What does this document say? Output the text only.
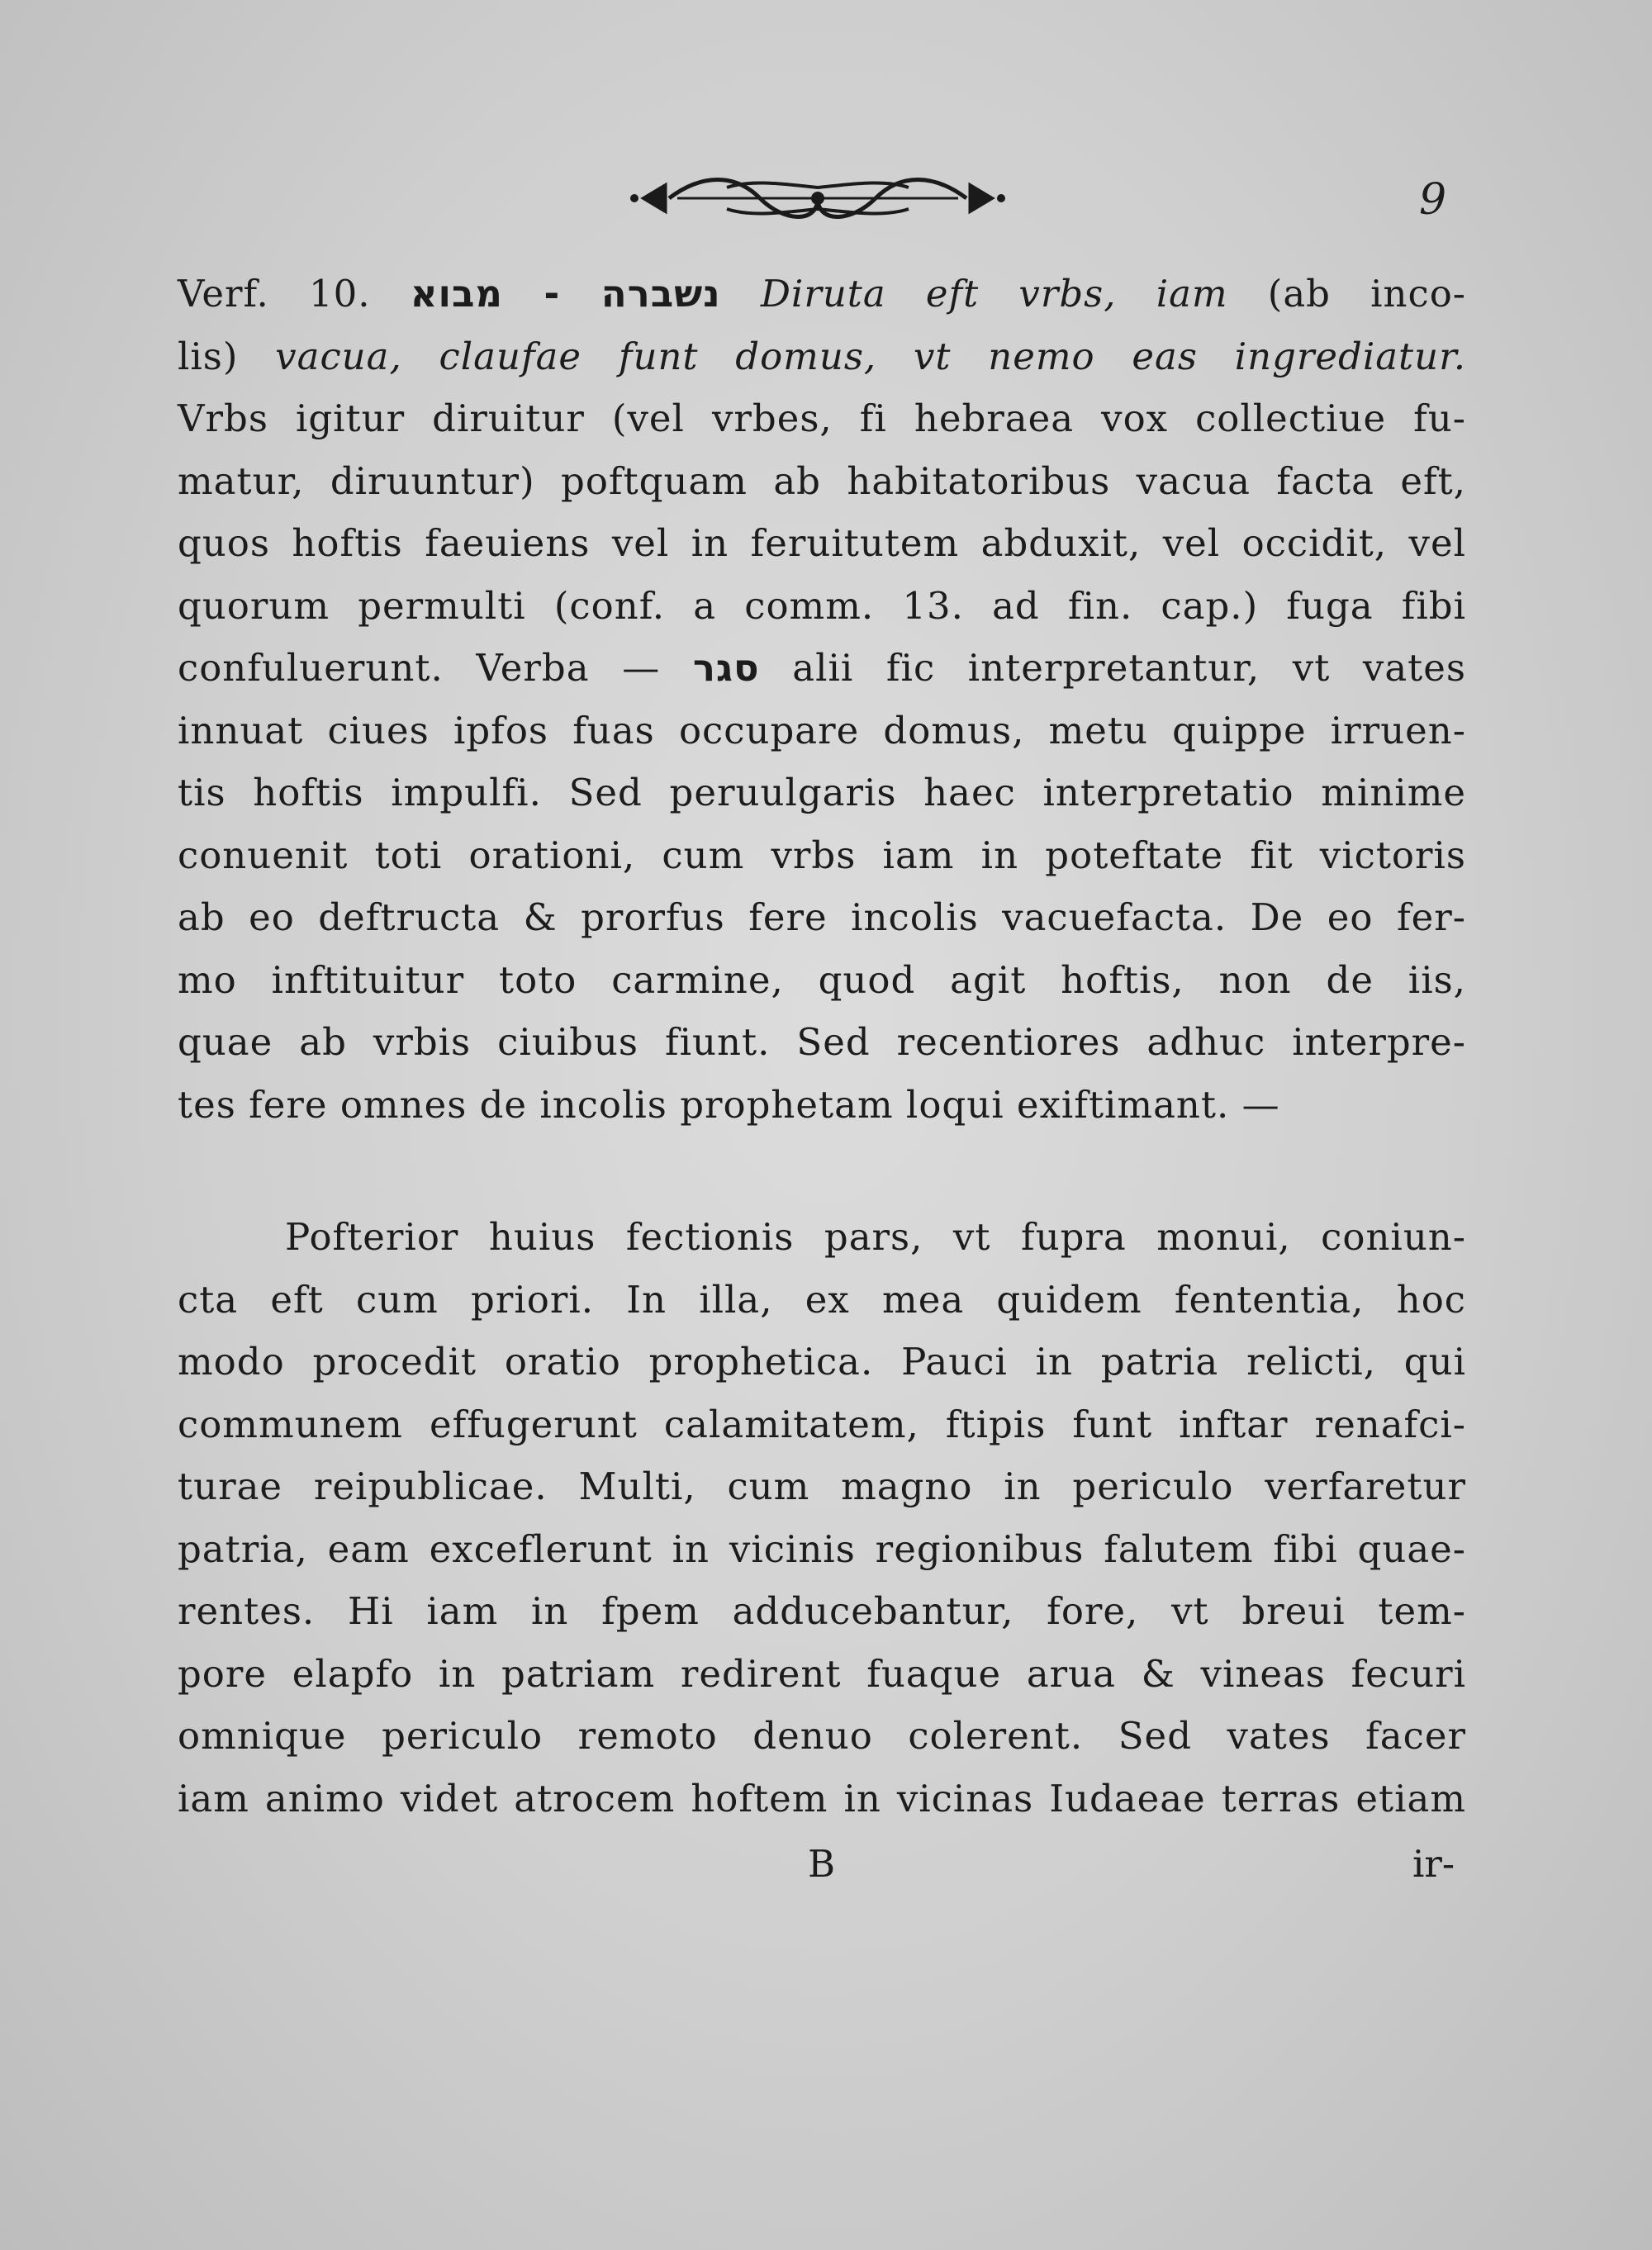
9
Verf. 10. נשברה - מבוא Diruta eft vrbs, iam (ab inco-
lis) vacua, claufae funt domus, vt nemo eas ingrediatur.
Vrbs igitur diruitur (vel vrbes, fi hebraea vox collectiue fu-
matur, diruuntur) poftquam ab habitatoribus vacua facta eft,
quos hoftis faeuiens vel in feruitutem abduxit, vel occidit, vel
quorum permulti (conf. a comm. 13. ad fin. cap.) fuga fibi
confuluerunt. Verba — סגר alii fic interpretantur, vt vates
innuat ciues ipfos fuas occupare domus, metu quippe irruen-
tis hoftis impulfi. Sed peruulgaris haec interpretatio minime
conuenit toti orationi, cum vrbs iam in poteftate fit victoris
ab eo deftructa & prorfus fere incolis vacuefacta. De eo fer-
mo inftituitur toto carmine, quod agit hoftis, non de iis,
quae ab vrbis ciuibus fiunt. Sed recentiores adhuc interpre-
tes fere omnes de incolis prophetam loqui exiftimant. —
Pofterior huius fectionis pars, vt fupra monui, coniun-
cta eft cum priori. In illa, ex mea quidem fententia, hoc
modo procedit oratio prophetica. Pauci in patria relicti, qui
communem effugerunt calamitatem, ftipis funt inftar renafci-
turae reipublicae. Multi, cum magno in periculo verfaretur
patria, eam exceflerunt in vicinis regionibus falutem fibi quae-
rentes. Hi iam in fpem adducebantur, fore, vt breui tem-
pore elapfo in patriam redirent fuaque arua & vineas fecuri
omnique periculo remoto denuo colerent. Sed vates facer
iam animo videt atrocem hoftem in vicinas Iudaeae terras etiam
B	ir-
